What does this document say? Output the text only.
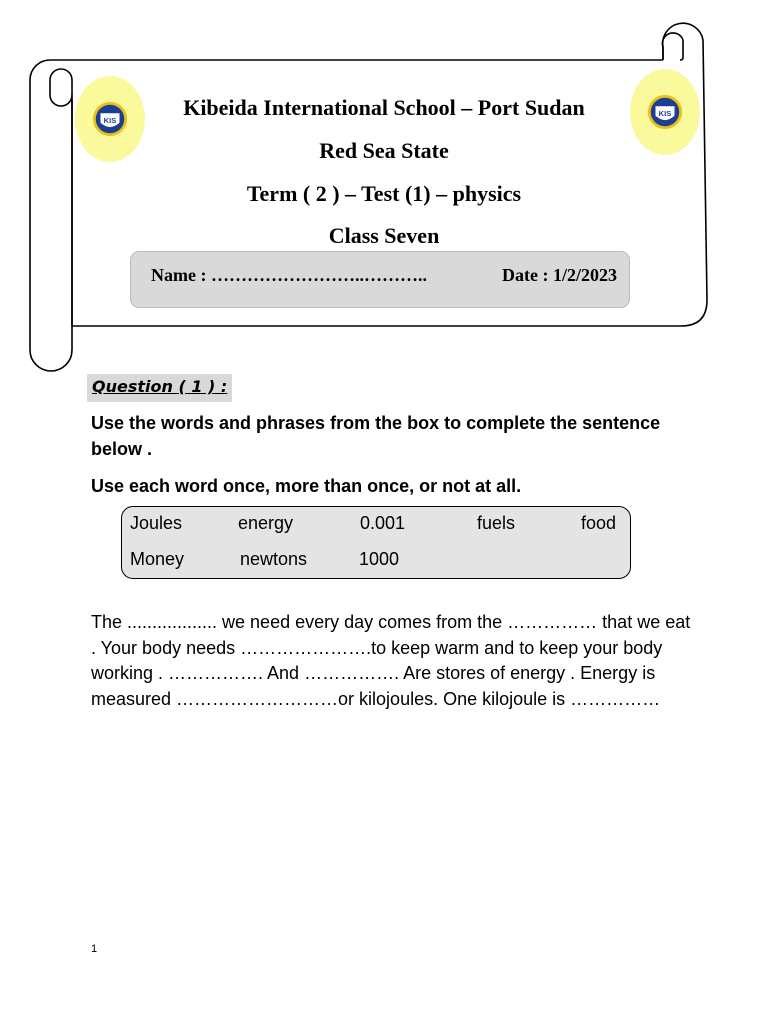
KIS
KIS
Kibeida International School – Port Sudan
Red Sea State
Term ( 2 ) – Test (1) – physics
Class Seven
Name : ……………………..………..	Date : 1/2/2023
Question ( 1 ) :
Use the words and phrases from the box to complete the sentence below .
Use each word once, more than once, or not at all.
Joules	energy	0.001	fuels	food
Money	newtons	1000
The .................. we need every day comes from the …………… that we eat . Your body needs ………………….to keep warm and to keep your body working . ……………. And ……………. Are stores of energy . Energy is measured ………………………or kilojoules. One kilojoule is ……………
1
